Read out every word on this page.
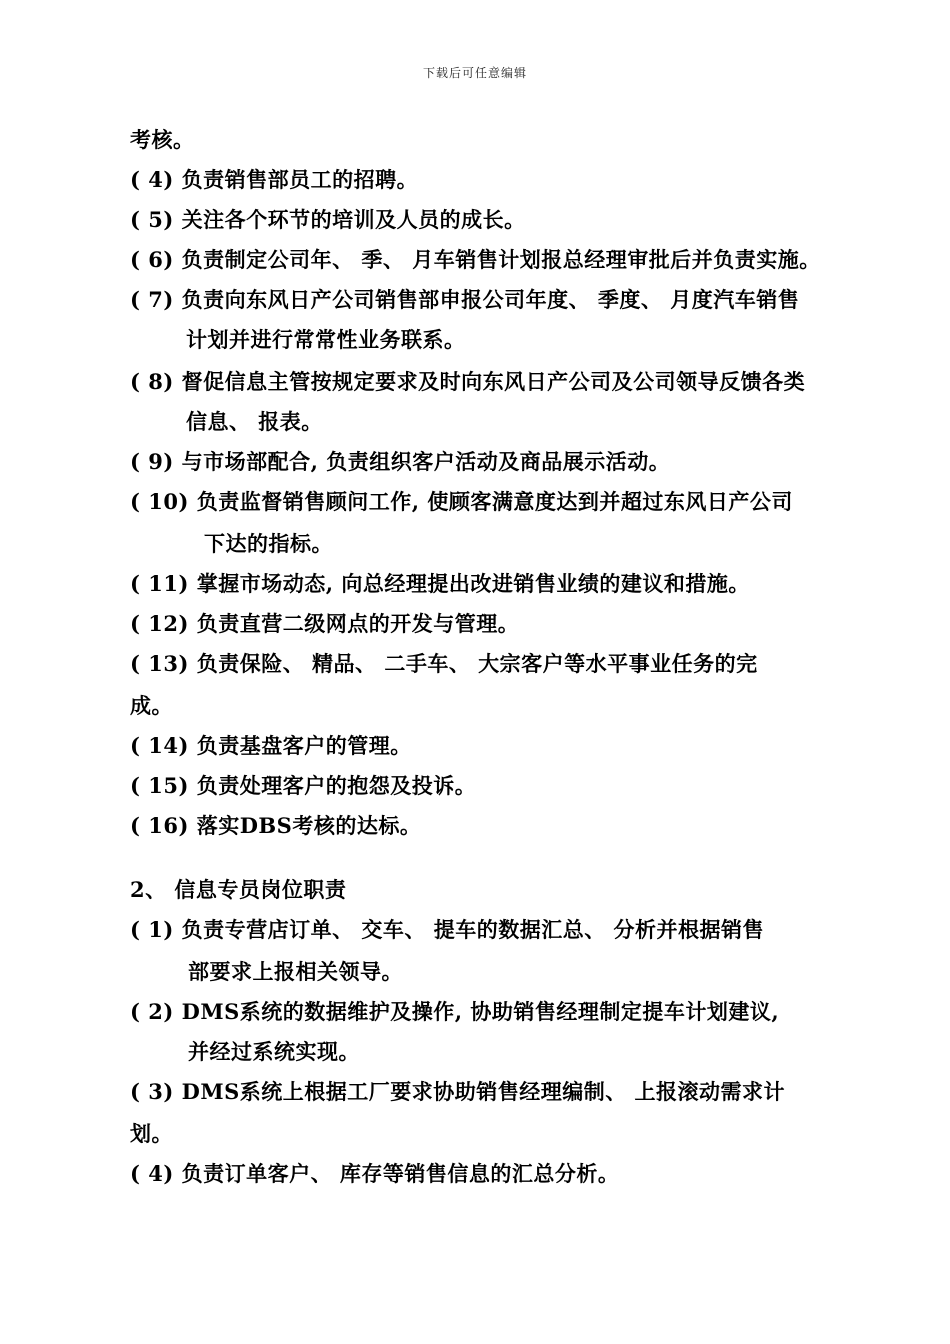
下载后可任意编辑
考核。
( 4) 负责销售部员工的招聘。
( 5) 关注各个环节的培训及人员的成长。
( 6) 负责制定公司年、 季、 月车销售计划报总经理审批后并负责实施。
( 7) 负责向东风日产公司销售部申报公司年度、 季度、 月度汽车销售
计划并进行常常性业务联系。
( 8) 督促信息主管按规定要求及时向东风日产公司及公司领导反馈各类
信息、 报表。
( 9) 与市场部配合, 负责组织客户活动及商品展示活动。
( 10) 负责监督销售顾问工作, 使顾客满意度达到并超过东风日产公司
下达的指标。
( 11) 掌握市场动态, 向总经理提出改进销售业绩的建议和措施。
( 12) 负责直营二级网点的开发与管理。
( 13) 负责保险、 精品、 二手车、 大宗客户等水平事业任务的完
成。
( 14) 负责基盘客户的管理。
( 15) 负责处理客户的抱怨及投诉。
( 16) 落实DBS考核的达标。
2、 信息专员岗位职责
( 1) 负责专营店订单、 交车、 提车的数据汇总、 分析并根据销售
部要求上报相关领导。
( 2) DMS系统的数据维护及操作, 协助销售经理制定提车计划建议,
并经过系统实现。
( 3) DMS系统上根据工厂要求协助销售经理编制、 上报滚动需求计
划。
( 4) 负责订单客户、 库存等销售信息的汇总分析。
